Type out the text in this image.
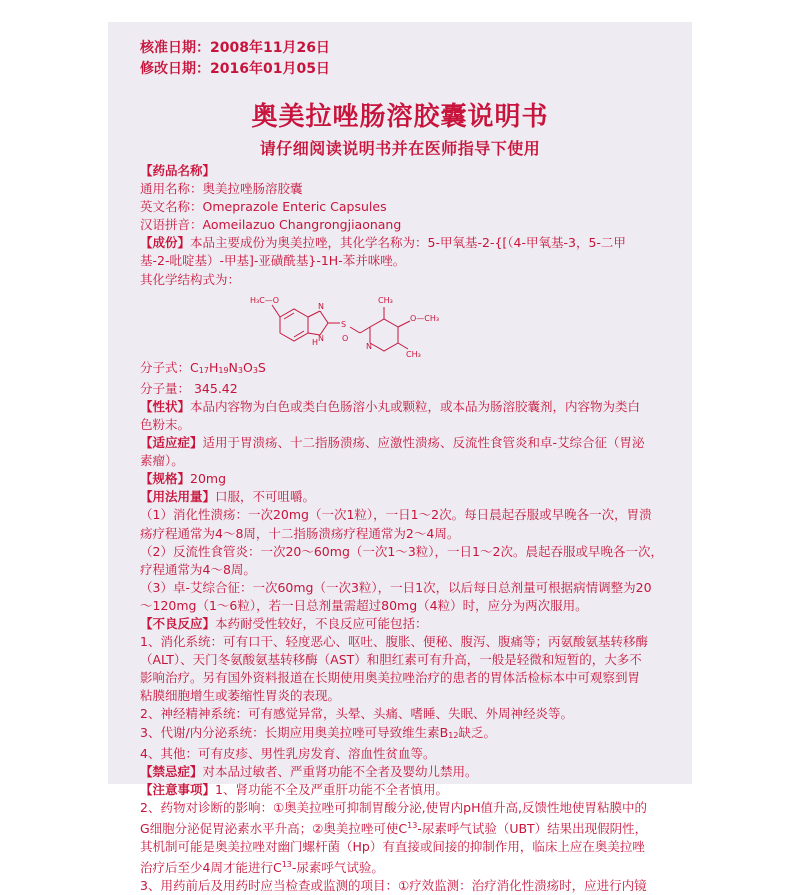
核准日期：2008年11月26日
修改日期：2016年01月05日
奥美拉唑肠溶胶囊说明书
请仔细阅读说明书并在医师指导下使用
【药品名称】
通用名称：奥美拉唑肠溶胶囊
英文名称：Omeprazole Enteric Capsules
汉语拼音：Aomeilazuo Changrongjiaonang
【成份】本品主要成份为奥美拉唑，其化学名称为：5-甲氧基-2-{[（4-甲氧基-3，5-二甲
基-2-吡啶基）-甲基]-亚磺酰基}-1H-苯并咪唑。
其化学结构式为：
H₃C—O
N
H N
S
O
CH₃
O—CH₃
CH₃
N
分子式：$C_{17}H_{19}N_3O_3S$
分子量： 345.42
【性状】本品内容物为白色或类白色肠溶小丸或颗粒，或本品为肠溶胶囊剂，内容物为类白
色粉末。
【适应症】适用于胃溃疡、十二指肠溃疡、应激性溃疡、反流性食管炎和卓-艾综合征（胃泌
素瘤）。
【规格】20mg
【用法用量】口服，不可咀嚼。
（1）消化性溃疡：一次20mg（一次1粒），一日1～2次。每日晨起吞服或早晚各一次，胃溃
疡疗程通常为4～8周，十二指肠溃疡疗程通常为2～4周。
（2）反流性食管炎：一次20～60mg（一次1～3粒），一日1～2次。晨起吞服或早晚各一次，
疗程通常为4～8周。
（3）卓-艾综合征：一次60mg（一次3粒），一日1次，以后每日总剂量可根据病情调整为20
～120mg（1～6粒），若一日总剂量需超过80mg（4粒）时，应分为两次服用。
【不良反应】本药耐受性较好，不良反应可能包括：
1、消化系统：可有口干、轻度恶心、呕吐、腹胀、便秘、腹泻、腹痛等；丙氨酸氨基转移酶
（ALT）、天门冬氨酸氨基转移酶（AST）和胆红素可有升高，一般是轻微和短暂的，大多不
影响治疗。另有国外资料报道在长期使用奥美拉唑治疗的患者的胃体活检标本中可观察到胃
粘膜细胞增生或萎缩性胃炎的表现。
2、神经精神系统：可有感觉异常，头晕、头痛、嗜睡、失眠、外周神经炎等。
3、代谢/内分泌系统：长期应用奥美拉唑可导致维生素$B_{12}$缺乏。
4、其他：可有皮疹、男性乳房发育、溶血性贫血等。
【禁忌症】对本品过敏者、严重肾功能不全者及婴幼儿禁用。
【注意事项】1、肾功能不全及严重肝功能不全者慎用。
2、药物对诊断的影响：①奥美拉唑可抑制胃酸分泌,使胃内pH值升高,反馈性地使胃粘膜中的
G细胞分泌促胃泌素水平升高；②奥美拉唑可使$C^{13}-$尿素呼气试验（UBT）结果出现假阴性，
其机制可能是奥美拉唑对幽门螺杆菌（Hp）有直接或间接的抑制作用，临床上应在奥美拉唑
治疗后至少4周才能进行$C^{13}-$尿素呼气试验。
3、用药前后及用药时应当检查或监测的项目：①疗效监测：治疗消化性溃疡时，应进行内镜
